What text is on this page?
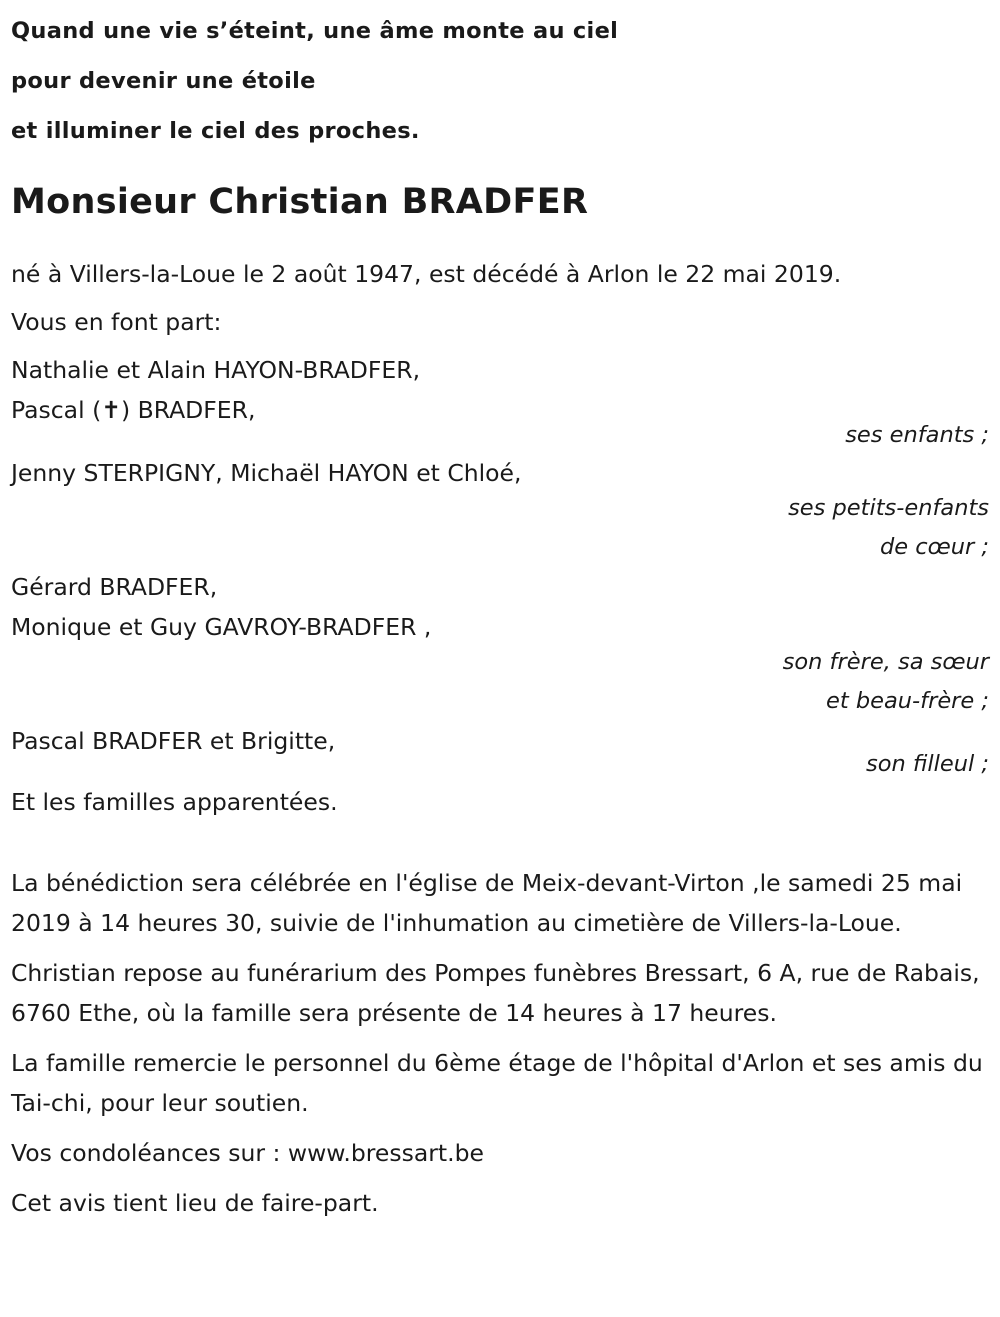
Quand une vie s’éteint, une âme monte au ciel
pour devenir une étoile
et illuminer le ciel des proches.
Monsieur Christian BRADFER
né à Villers-la-Loue le 2 août 1947, est décédé à Arlon le 22 mai 2019.
Vous en font part:
Nathalie et Alain HAYON-BRADFER,
Pascal (✝) BRADFER,
ses enfants ;
Jenny STERPIGNY, Michaël HAYON et Chloé,
ses petits-enfants
de cœur ;
Gérard BRADFER,
Monique et Guy GAVROY-BRADFER ,
son frère, sa sœur
et beau-frère ;
Pascal BRADFER et Brigitte,
son filleul ;
Et les familles apparentées.
La bénédiction sera célébrée en l'église de Meix-devant-Virton ,le samedi 25 mai 2019 à 14 heures 30, suivie de l'inhumation au cimetière de Villers-la-Loue.
Christian repose au funérarium des Pompes funèbres Bressart, 6 A, rue de Rabais, 6760 Ethe, où la famille sera présente de 14 heures à 17 heures.
La famille remercie le personnel du 6ème étage de l'hôpital d'Arlon et ses amis du Tai-chi, pour leur soutien.
Vos condoléances sur : www.bressart.be
Cet avis tient lieu de faire-part.
